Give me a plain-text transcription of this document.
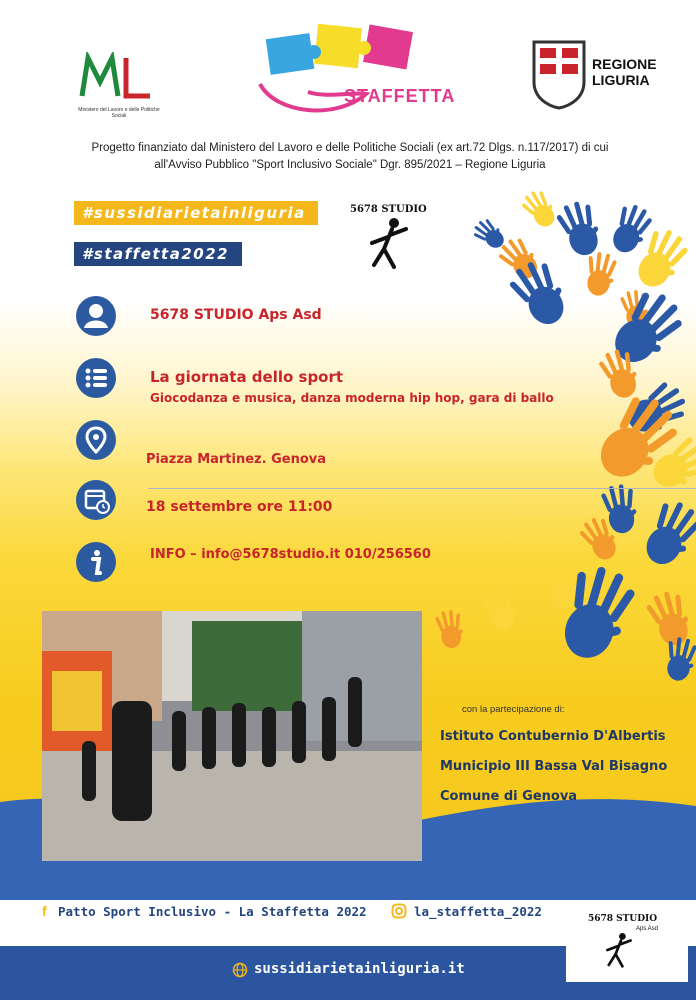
Ministero del Lavoro e delle Politiche Sociali
STAFFETTA
REGIONE LIGURIA
Progetto finanziato dal Ministero del Lavoro e delle Politiche Sociali (ex art.72 Dlgs. n.117/2017) di cui
all'Avviso Pubblico "Sport Inclusivo Sociale" Dgr. 895/2021 – Regione Liguria
#sussidiarietainliguria
#staffetta2022
5678 STUDIO
5678 STUDIO Aps Asd
La giornata dello sport
Giocodanza e musica, danza moderna hip hop, gara di ballo
Piazza Martinez. Genova
18 settembre ore 11:00
INFO – info@5678studio.it 010/256560
con la partecipazione di:
Istituto Contubernio D'Albertis
Municipio III Bassa Val Bisagno
Comune di Genova
f Patto Sport Inclusivo - La Staffetta 2022	la_staffetta_2022
sussidiarietainliguria.it
5678 STUDIO
Aps Asd
